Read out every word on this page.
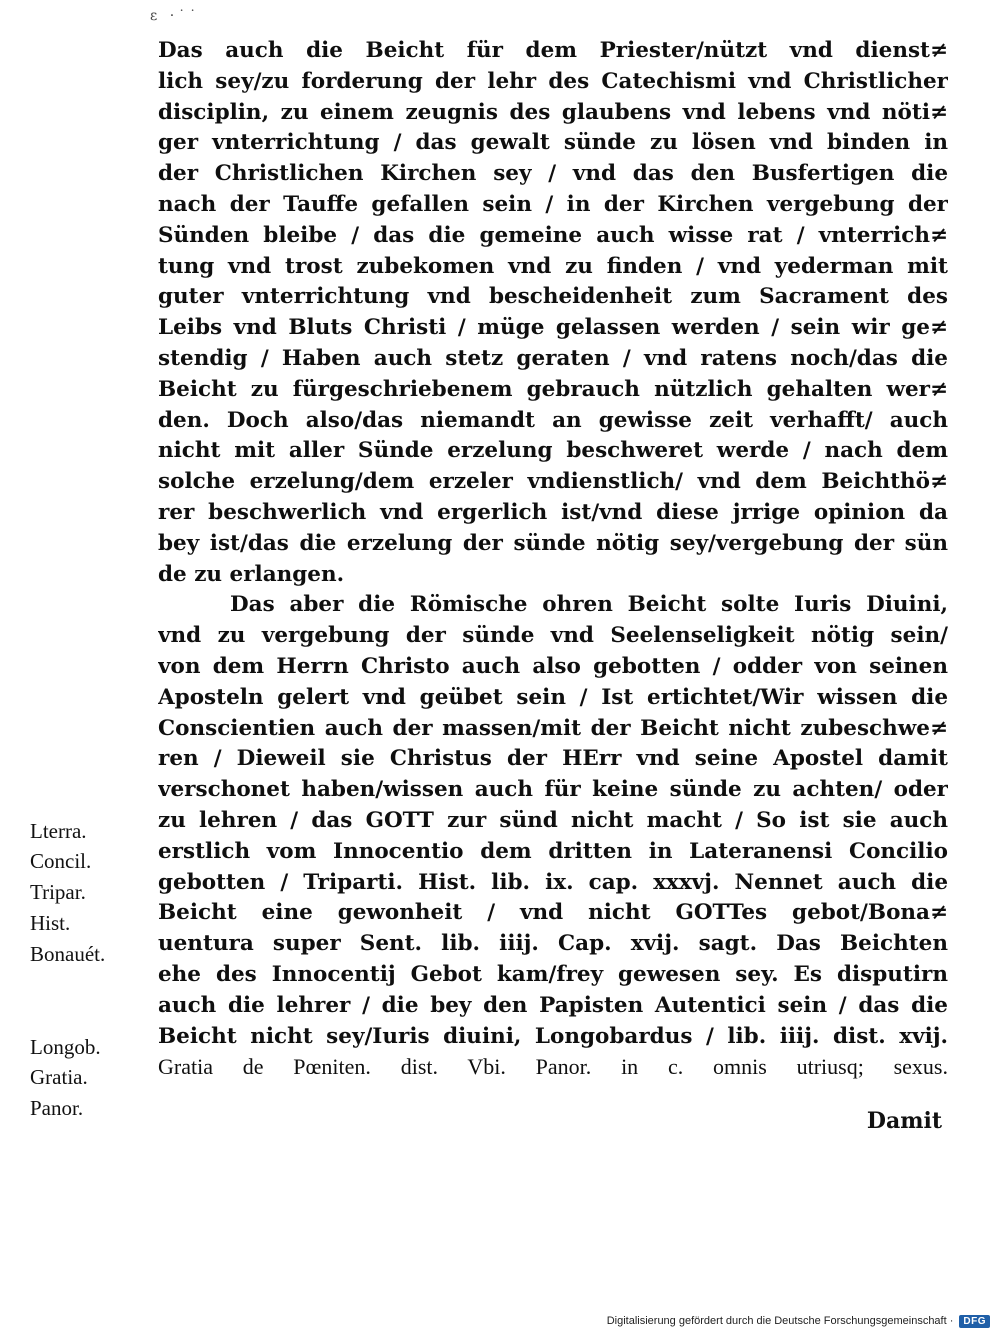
ε ·˙˙
Das auch die Beicht für dem Priester/nützt vnd dienst≠
lich sey/zu forderung der lehr des Catechismi vnd Christlicher
disciplin, zu einem zeugnis des glaubens vnd lebens vnd nöti≠
ger vnterrichtung / das gewalt sünde zu lösen vnd binden in
der Christlichen Kirchen sey / vnd das den Busfertigen die
nach der Tauffe gefallen sein / in der Kirchen vergebung der
Sünden bleibe / das die gemeine auch wisse rat / vnterrich≠
tung vnd trost zubekomen vnd zu finden / vnd yederman mit
guter vnterrichtung vnd bescheidenheit zum Sacrament des
Leibs vnd Bluts Christi / müge gelassen werden / sein wir ge≠
stendig / Haben auch stetz geraten / vnd ratens noch/das die
Beicht zu fürgeschriebenem gebrauch nützlich gehalten wer≠
den. Doch also/das niemandt an gewisse zeit verhafft/ auch
nicht mit aller Sünde erzelung beschweret werde / nach dem
solche erzelung/dem erzeler vndienstlich/ vnd dem Beichthö≠
rer beschwerlich vnd ergerlich ist/vnd diese jrrige opinion da
bey ist/das die erzelung der sünde nötig sey/vergebung der sün
de zu erlangen.
Das aber die Römische ohren Beicht solte Iuris Diuini,
vnd zu vergebung der sünde vnd Seelenseligkeit nötig sein/
von dem Herrn Christo auch also gebotten / odder von seinen
Aposteln gelert vnd geübet sein / Ist ertichtet/Wir wissen die
Conscientien auch der massen/mit der Beicht nicht zubeschwe≠
ren / Dieweil sie Christus der HErr vnd seine Apostel damit
verschonet haben/wissen auch für keine sünde zu achten/ oder
zu lehren / das GOTT zur sünd nicht macht / So ist sie auch
erstlich vom Innocentio dem dritten in Lateranensi Concilio
gebotten / Triparti. Hist. lib. ix. cap. xxxvj. Nennet auch die
Beicht eine gewonheit / vnd nicht GOTTes gebot/Bona≠
uentura super Sent. lib. iiij. Cap. xvij. sagt. Das Beichten
ehe des Innocentij Gebot kam/frey gewesen sey. Es disputirn
auch die lehrer / die bey den Papisten Autentici sein / das die
Beicht nicht sey/Iuris diuini, Longobardus / lib. iiij. dist. xvij.
Gratia de Pœniten. dist. Vbi. Panor. in c. omnis utriusq; sexus.
Lterra.
Concil.
Tripar.
Hist.
Bonauét.
Longob.
Gratia.
Panor.	Damit
Digitalisierung gefördert durch die Deutsche Forschungsgemeinschaft ·	DFG
